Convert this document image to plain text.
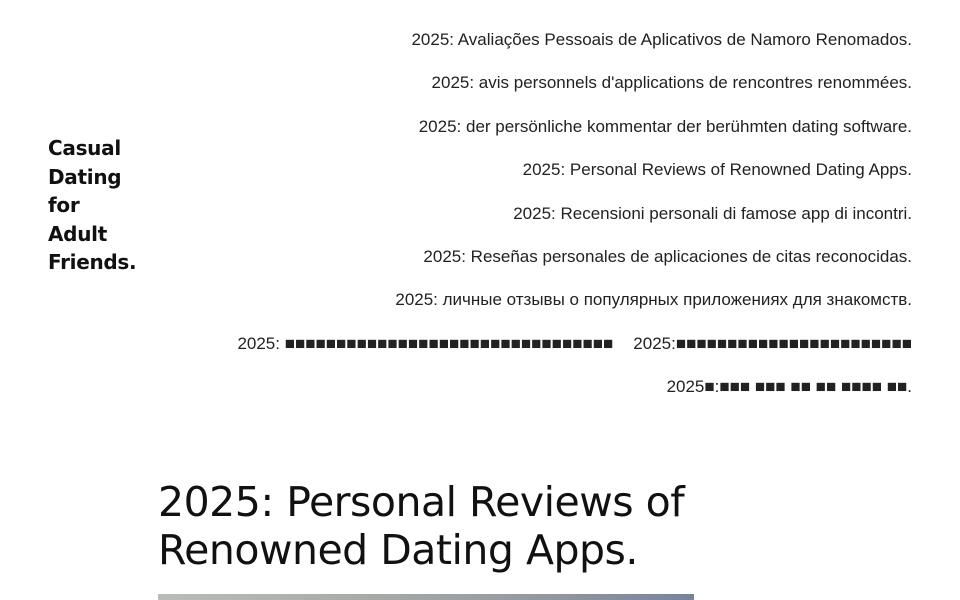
Casual
Dating
for
Adult
Friends.
2025: Avaliações Pessoais de Aplicativos de Namoro Renomados.
2025: avis personnels d'applications de rencontres renommées.
2025: der persönliche kommentar der berühmten dating software.
2025: Personal Reviews of Renowned Dating Apps.
2025: Recensioni personali di famose app di incontri.
2025: Reseñas personales de aplicaciones de citas reconocidas.
2025: личные отзывы о популярных приложениях для знакомств.
2025: ■■■■■■■■■■■■■■■■■■■■■■■■■■■■■■■■ 2025:■■■■■■■■■■■■■■■■■■■■■■■
2025■:■■■ ■■■ ■■ ■■ ■■■■ ■■.
2025: Personal Reviews of Renowned Dating Apps.
